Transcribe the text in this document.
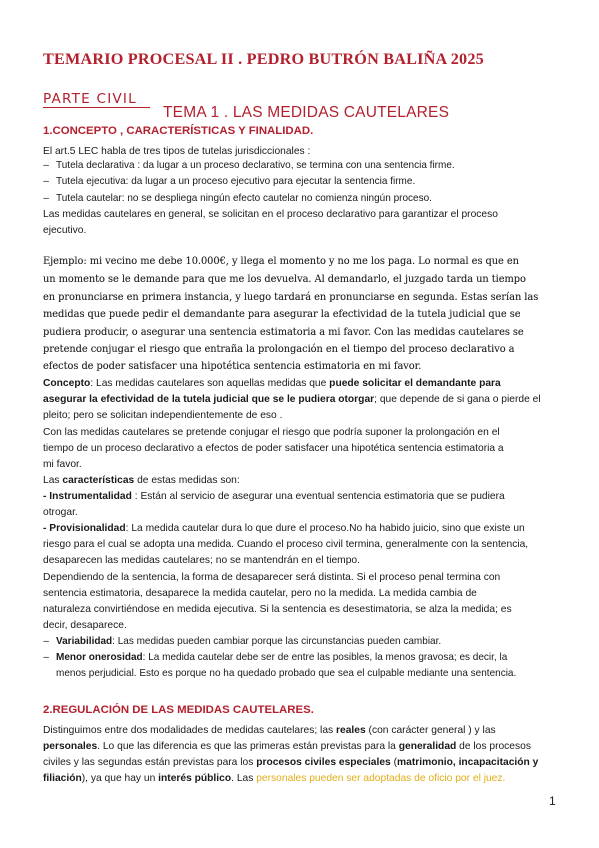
TEMARIO PROCESAL II . PEDRO BUTRÓN BALIÑA 2025
PARTE CIVIL
TEMA 1 . LAS MEDIDAS CAUTELARES
1.CONCEPTO , CARACTERÍSTICAS Y FINALIDAD.
El art.5 LEC habla de tres tipos de tutelas jurisdiccionales :
– Tutela declarativa : da lugar a un proceso declarativo, se termina con una sentencia firme.
– Tutela ejecutiva: da lugar a un proceso ejecutivo para ejecutar la sentencia firme.
– Tutela cautelar: no se despliega ningún efecto cautelar no comienza ningún proceso.
Las medidas cautelares en general, se solicitan en el proceso declarativo para garantizar el proceso
ejecutivo.
Ejemplo: mi vecino me debe 10.000€, y llega el momento y no me los paga. Lo normal es que en
un momento se le demande para que me los devuelva. Al demandarlo, el juzgado tarda un tiempo
en pronunciarse en primera instancia, y luego tardará en pronunciarse en segunda. Estas serían las
medidas que puede pedir el demandante para asegurar la efectividad de la tutela judicial que se
pudiera producir, o asegurar una sentencia estimatoria a mi favor. Con las medidas cautelares se
pretende conjugar el riesgo que entraña la prolongación en el tiempo del proceso declarativo a
efectos de poder satisfacer una hipotética sentencia estimatoria en mi favor.
Concepto: Las medidas cautelares son aquellas medidas que puede solicitar el demandante para
asegurar la efectividad de la tutela judicial que se le pudiera otorgar; que depende de si gana o pierde el
pleito; pero se solicitan independientemente de eso .
Con las medidas cautelares se pretende conjugar el riesgo que podría suponer la prolongación en el
tiempo de un proceso declarativo a efectos de poder satisfacer una hipotética sentencia estimatoria a
mi favor.
Las características de estas medidas son:
- Instrumentalidad : Están al servicio de asegurar una eventual sentencia estimatoria que se pudiera
otrogar.
- Provisionalidad: La medida cautelar dura lo que dure el proceso.No ha habido juicio, sino que existe un
riesgo para el cual se adopta una medida. Cuando el proceso civil termina, generalmente con la sentencia,
desaparecen las medidas cautelares; no se mantendrán en el tiempo.
Dependiendo de la sentencia, la forma de desaparecer será distinta. Si el proceso penal termina con
sentencia estimatoria, desaparece la medida cautelar, pero no la medida. La medida cambia de
naturaleza convirtiéndose en medida ejecutiva. Si la sentencia es desestimatoria, se alza la medida; es
decir, desaparece.
– Variabilidad: Las medidas pueden cambiar porque las circunstancias pueden cambiar.
– Menor onerosidad: La medida cautelar debe ser de entre las posibles, la menos gravosa; es decir, la
menos perjudicial. Esto es porque no ha quedado probado que sea el culpable mediante una sentencia.
2.REGULACIÓN DE LAS MEDIDAS CAUTELARES.
Distinguimos entre dos modalidades de medidas cautelares; las reales (con carácter general ) y las
personales. Lo que las diferencia es que las primeras están previstas para la generalidad de los procesos
civiles y las segundas están previstas para los procesos civiles especiales (matrimonio, incapacitación y
filiación), ya que hay un interés público. Las personales pueden ser adoptadas de oficio por el juez.
1
